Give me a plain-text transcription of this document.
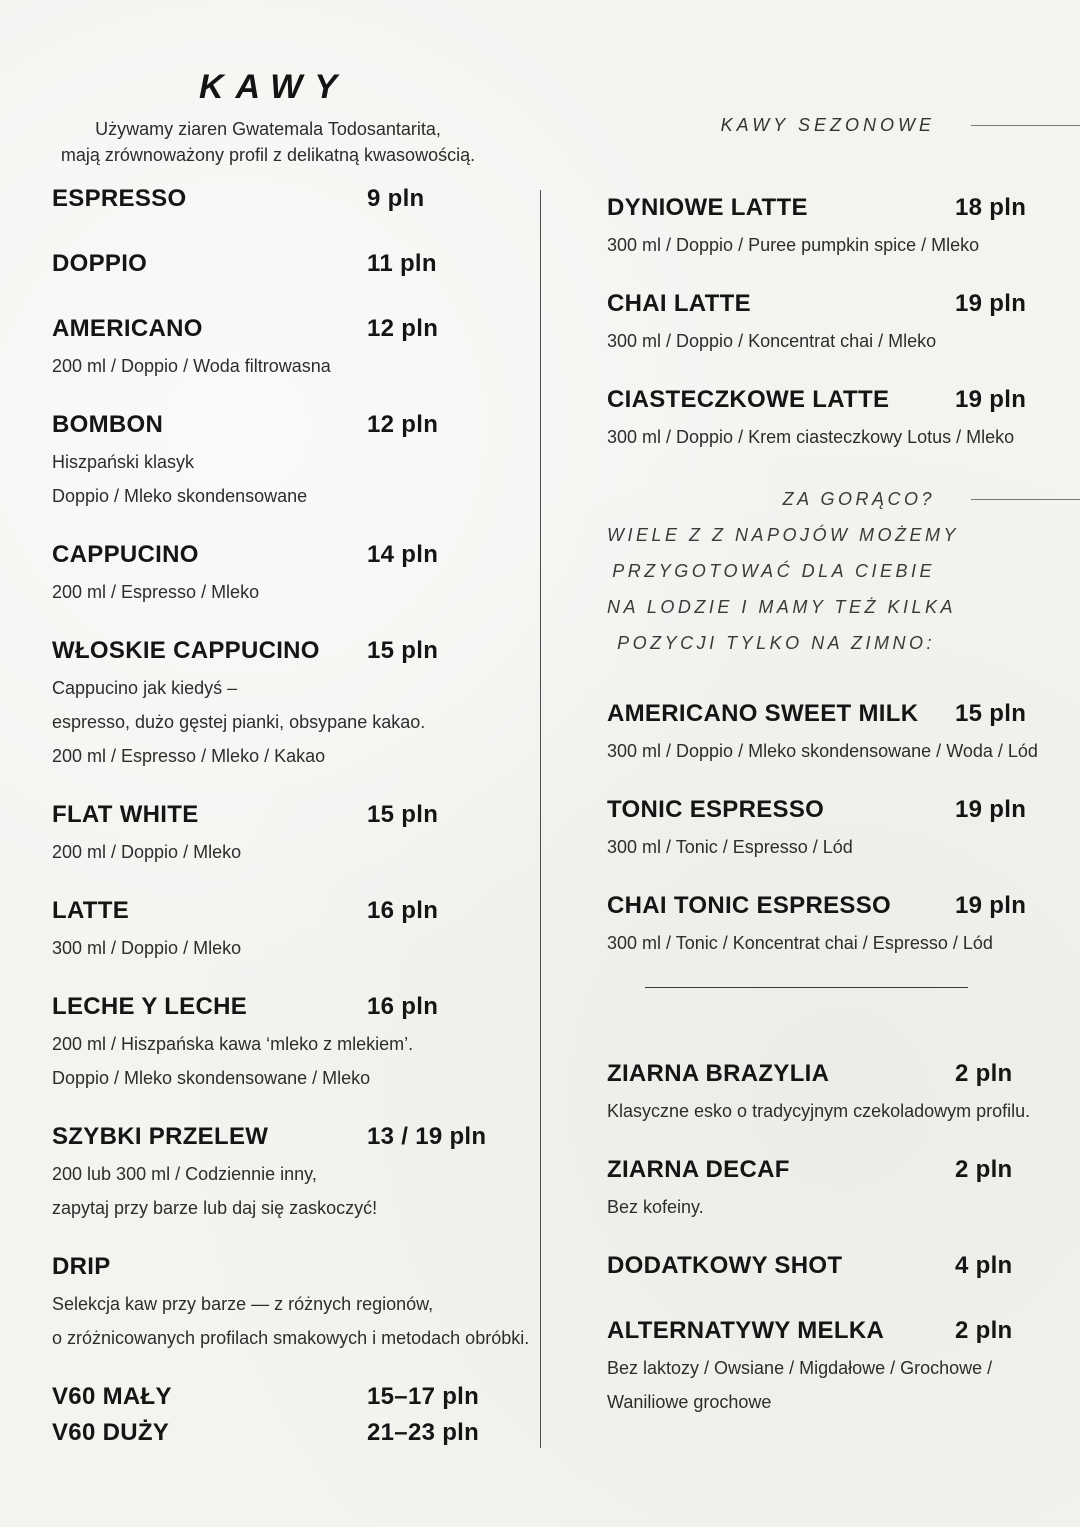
KAWY

Używamy ziaren Gwatemala Todosantarita,

mają zrównoważony profil z delikatną kwasowością.

ESPRESSO	9 pln
DOPPIO	11 pln
AMERICANO	12 pln
200 ml / Doppio / Woda filtrowasna
BOMBON	12 pln
Hiszpański klasyk
Doppio / Mleko skondensowane
CAPPUCINO	14 pln
200 ml / Espresso / Mleko
WŁOSKIE CAPPUCINO	15 pln
Cappucino jak kiedyś –
espresso, dużo gęstej pianki, obsypane kakao.
200 ml / Espresso / Mleko / Kakao
FLAT WHITE	15 pln
200 ml / Doppio / Mleko
LATTE	16 pln
300 ml / Doppio / Mleko
LECHE Y LECHE	16 pln
200 ml / Hiszpańska kawa ‘mleko z mlekiem’.
Doppio / Mleko skondensowane / Mleko
SZYBKI PRZELEW	13 / 19 pln
200 lub 300 ml / Codziennie inny,
zapytaj przy barze lub daj się zaskoczyć!
DRIP
Selekcja kaw przy barze — z różnych regionów,
o zróżnicowanych profilach smakowych i metodach obróbki.
V60 MAŁY	15–17 pln
V60 DUŻY	21–23 pln
KAWY SEZONOWE
DYNIOWE LATTE	18 pln
300 ml / Doppio / Puree pumpkin spice / Mleko
CHAI LATTE	19 pln
300 ml / Doppio / Koncentrat chai / Mleko
CIASTECZKOWE LATTE	19 pln
300 ml / Doppio / Krem ciasteczkowy Lotus / Mleko
ZA GORĄCO?
WIELE Z Z NAPOJÓW MOŻEMY
PRZYGOTOWAĆ DLA CIEBIE
NA LODZIE I MAMY TEŻ KILKA
POZYCJI TYLKO NA ZIMNO:
AMERICANO SWEET MILK	15 pln
300 ml / Doppio / Mleko skondensowane / Woda / Lód
TONIC ESPRESSO	19 pln
300 ml / Tonic / Espresso / Lód
CHAI TONIC ESPRESSO	19 pln
300 ml / Tonic / Koncentrat chai / Espresso / Lód
ZIARNA BRAZYLIA	2 pln
Klasyczne esko o tradycyjnym czekoladowym profilu.
ZIARNA DECAF	2 pln
Bez kofeiny.
DODATKOWY SHOT	4 pln
ALTERNATYWY MELKA	2 pln
Bez laktozy / Owsiane / Migdałowe / Grochowe /
Waniliowe grochowe
